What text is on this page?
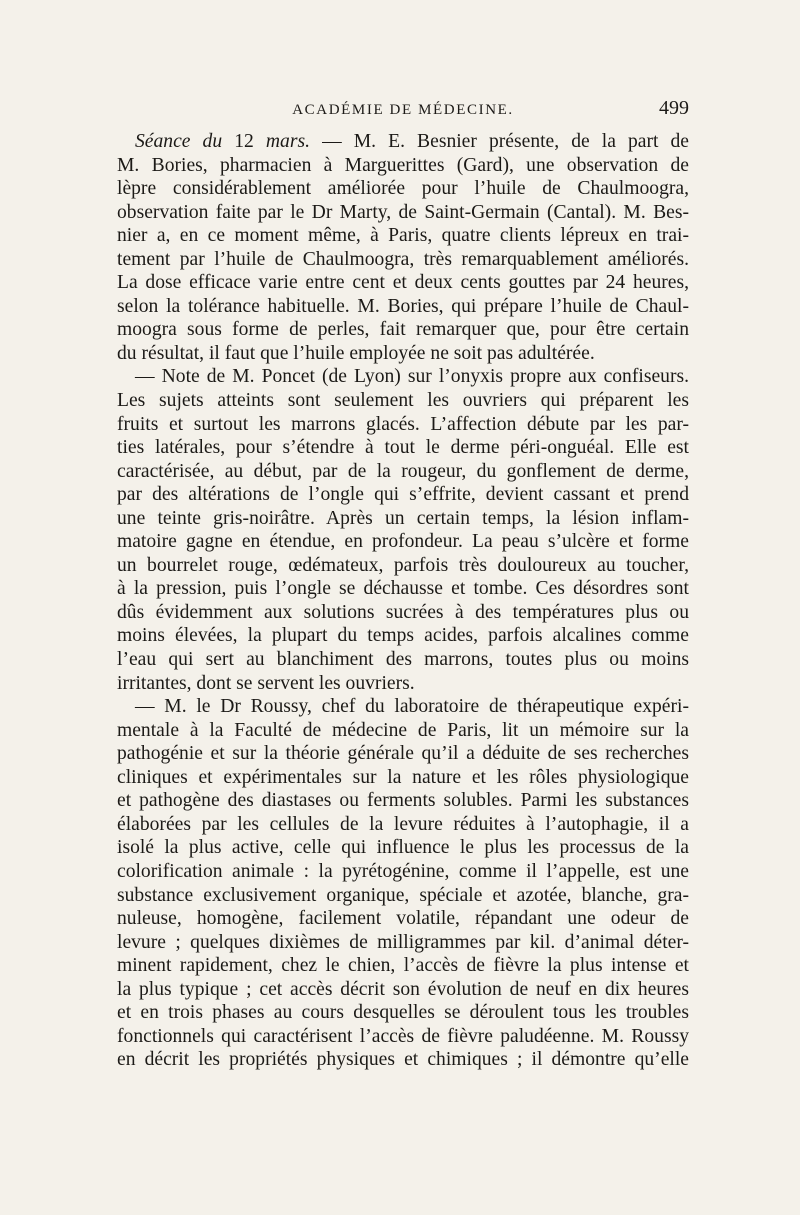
ACADÉMIE DE MÉDECINE.	499
Séance du 12 mars. — M. E. Besnier présente, de la part de
M. Bories, pharmacien à Marguerittes (Gard), une observation de
lèpre considérablement améliorée pour l’huile de Chaulmoogra,
observation faite par le Dr Marty, de Saint-Germain (Cantal). M. Bes-
nier a, en ce moment même, à Paris, quatre clients lépreux en trai-
tement par l’huile de Chaulmoogra, très remarquablement améliorés.
La dose efficace varie entre cent et deux cents gouttes par 24 heures,
selon la tolérance habituelle. M. Bories, qui prépare l’huile de Chaul-
moogra sous forme de perles, fait remarquer que, pour être certain
du résultat, il faut que l’huile employée ne soit pas adultérée.
— Note de M. Poncet (de Lyon) sur l’onyxis propre aux confiseurs.
Les sujets atteints sont seulement les ouvriers qui préparent les
fruits et surtout les marrons glacés. L’affection débute par les par-
ties latérales, pour s’étendre à tout le derme péri-onguéal. Elle est
caractérisée, au début, par de la rougeur, du gonflement de derme,
par des altérations de l’ongle qui s’effrite, devient cassant et prend
une teinte gris-noirâtre. Après un certain temps, la lésion inflam-
matoire gagne en étendue, en profondeur. La peau s’ulcère et forme
un bourrelet rouge, œdémateux, parfois très douloureux au toucher,
à la pression, puis l’ongle se déchausse et tombe. Ces désordres sont
dûs évidemment aux solutions sucrées à des températures plus ou
moins élevées, la plupart du temps acides, parfois alcalines comme
l’eau qui sert au blanchiment des marrons, toutes plus ou moins
irritantes, dont se servent les ouvriers.
— M. le Dr Roussy, chef du laboratoire de thérapeutique expéri-
mentale à la Faculté de médecine de Paris, lit un mémoire sur la
pathogénie et sur la théorie générale qu’il a déduite de ses recherches
cliniques et expérimentales sur la nature et les rôles physiologique
et pathogène des diastases ou ferments solubles. Parmi les substances
élaborées par les cellules de la levure réduites à l’autophagie, il a
isolé la plus active, celle qui influence le plus les processus de la
colorification animale : la pyrétogénine, comme il l’appelle, est une
substance exclusivement organique, spéciale et azotée, blanche, gra-
nuleuse, homogène, facilement volatile, répandant une odeur de
levure ; quelques dixièmes de milligrammes par kil. d’animal déter-
minent rapidement, chez le chien, l’accès de fièvre la plus intense et
la plus typique ; cet accès décrit son évolution de neuf en dix heures
et en trois phases au cours desquelles se déroulent tous les troubles
fonctionnels qui caractérisent l’accès de fièvre paludéenne. M. Roussy
en décrit les propriétés physiques et chimiques ; il démontre qu’elle
